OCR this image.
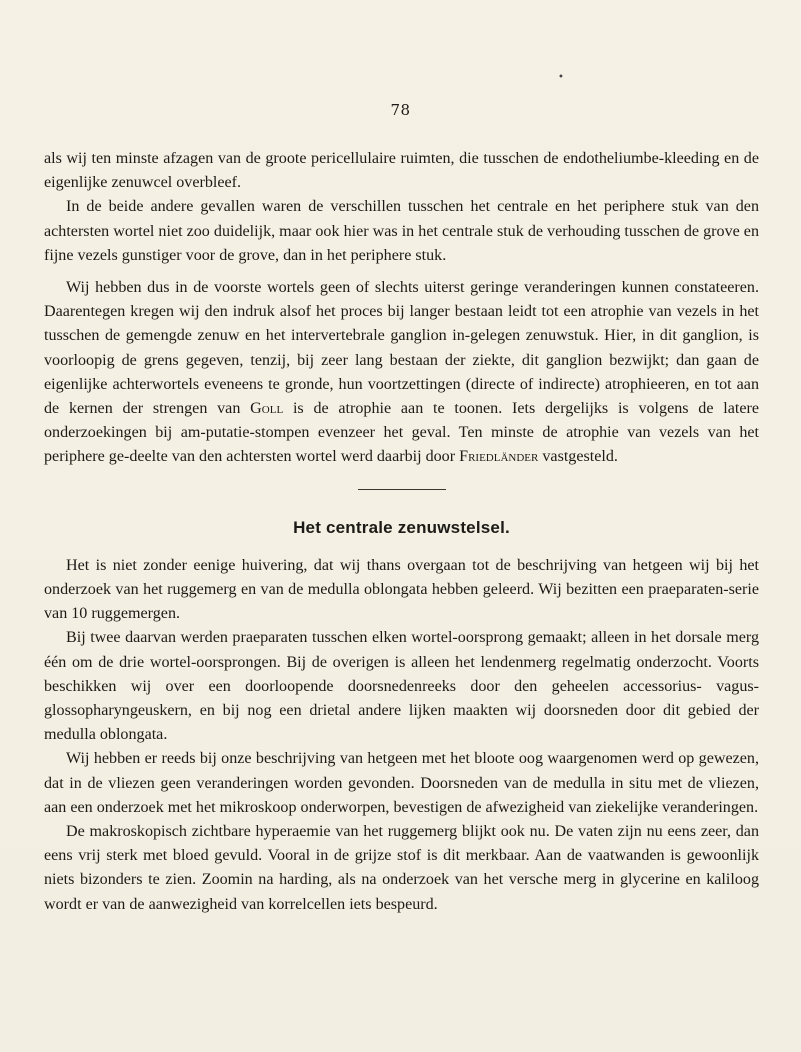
•
78

als wij ten minste afzagen van de groote pericellulaire ruimten, die tusschen de endotheliumbe-kleeding en de eigenlijke zenuwcel overbleef.

In de beide andere gevallen waren de verschillen tusschen het centrale en het periphere stuk van den achtersten wortel niet zoo duidelijk, maar ook hier was in het centrale stuk de verhouding tusschen de grove en fijne vezels gunstiger voor de grove, dan in het periphere stuk.

Wij hebben dus in de voorste wortels geen of slechts uiterst geringe veranderingen kunnen constateeren. Daarentegen kregen wij den indruk alsof het proces bij langer bestaan leidt tot een atrophie van vezels in het tusschen de gemengde zenuw en het intervertebrale ganglion in-gelegen zenuwstuk. Hier, in dit ganglion, is voorloopig de grens gegeven, tenzij, bij zeer lang bestaan der ziekte, dit ganglion bezwijkt; dan gaan de eigenlijke achterwortels eveneens te gronde, hun voortzettingen (directe of indirecte) atrophieeren, en tot aan de kernen der strengen van Goll is de atrophie aan te toonen. Iets dergelijks is volgens de latere onderzoekingen bij am-putatie-stompen evenzeer het geval. Ten minste de atrophie van vezels van het periphere ge-deelte van den achtersten wortel werd daarbij door Friedländer vastgesteld.

Het centrale zenuwstelsel.

Het is niet zonder eenige huivering, dat wij thans overgaan tot de beschrijving van hetgeen wij bij het onderzoek van het ruggemerg en van de medulla oblongata hebben geleerd. Wij bezitten een praeparaten-serie van 10 ruggemergen.

Bij twee daarvan werden praeparaten tusschen elken wortel-oorsprong gemaakt; alleen in het dorsale merg één om de drie wortel-oorsprongen. Bij de overigen is alleen het lendenmerg regelmatig onderzocht. Voorts beschikken wij over een doorloopende doorsnedenreeks door den geheelen accessorius- vagus- glossopharyngeuskern, en bij nog een drietal andere lijken maakten wij doorsneden door dit gebied der medulla oblongata.

Wij hebben er reeds bij onze beschrijving van hetgeen met het bloote oog waargenomen werd op gewezen, dat in de vliezen geen veranderingen worden gevonden. Doorsneden van de medulla in situ met de vliezen, aan een onderzoek met het mikroskoop onderworpen, bevestigen de afwezigheid van ziekelijke veranderingen.

De makroskopisch zichtbare hyperaemie van het ruggemerg blijkt ook nu. De vaten zijn nu eens zeer, dan eens vrij sterk met bloed gevuld. Vooral in de grijze stof is dit merkbaar. Aan de vaatwanden is gewoonlijk niets bizonders te zien. Zoomin na harding, als na onderzoek van het versche merg in glycerine en kaliloog wordt er van de aanwezigheid van korrelcellen iets bespeurd.
